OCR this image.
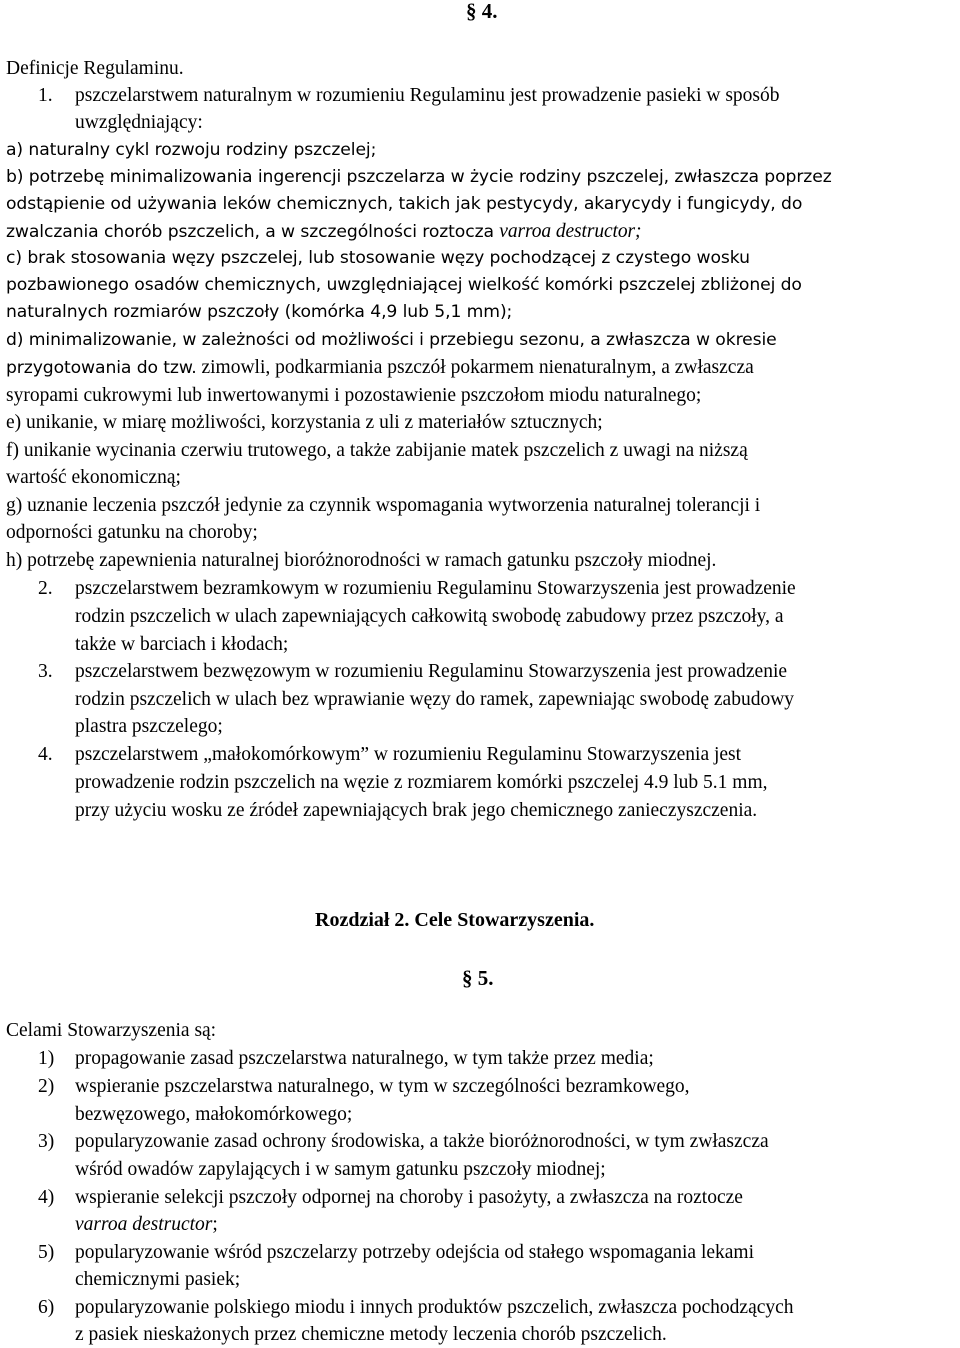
§ 4.
Definicje Regulaminu.
1. pszczelarstwem naturalnym w rozumieniu Regulaminu jest prowadzenie pasieki w sposób
uwzględniający:
a) naturalny cykl rozwoju rodziny pszczelej;
b) potrzebę minimalizowania ingerencji pszczelarza w życie rodziny pszczelej, zwłaszcza poprzez
odstąpienie od używania leków chemicznych, takich jak pestycydy, akarycydy i fungicydy, do
zwalczania chorób pszczelich, a w szczególności roztocza varroa destructor;
c) brak stosowania węzy pszczelej, lub stosowanie węzy pochodzącej z czystego wosku
pozbawionego osadów chemicznych, uwzględniającej wielkość komórki pszczelej zbliżonej do
naturalnych rozmiarów pszczoły (komórka 4,9 lub 5,1 mm);
d) minimalizowanie, w zależności od możliwości i przebiegu sezonu, a zwłaszcza w okresie
przygotowania do tzw. zimowli, podkarmiania pszczół pokarmem nienaturalnym, a zwłaszcza
syropami cukrowymi lub inwertowanymi i pozostawienie pszczołom miodu naturalnego;
e) unikanie, w miarę możliwości, korzystania z uli z materiałów sztucznych;
f) unikanie wycinania czerwiu trutowego, a także zabijanie matek pszczelich z uwagi na niższą
wartość ekonomiczną;
g) uznanie leczenia pszczół jedynie za czynnik wspomagania wytworzenia naturalnej tolerancji i
odporności gatunku na choroby;
h) potrzebę zapewnienia naturalnej bioróżnorodności w ramach gatunku pszczoły miodnej.
2. pszczelarstwem bezramkowym w rozumieniu Regulaminu Stowarzyszenia jest prowadzenie
rodzin pszczelich w ulach zapewniających całkowitą swobodę zabudowy przez pszczoły, a
także w barciach i kłodach;
3. pszczelarstwem bezwęzowym w rozumieniu Regulaminu Stowarzyszenia jest prowadzenie
rodzin pszczelich w ulach bez wprawianie węzy do ramek, zapewniając swobodę zabudowy
plastra pszczelego;
4. pszczelarstwem „małokomórkowym” w rozumieniu Regulaminu Stowarzyszenia jest
prowadzenie rodzin pszczelich na węzie z rozmiarem komórki pszczelej 4.9 lub 5.1 mm,
przy użyciu wosku ze źródeł zapewniających brak jego chemicznego zanieczyszczenia.
Rozdział 2. Cele Stowarzyszenia.
§ 5.
Celami Stowarzyszenia są:
1) propagowanie zasad pszczelarstwa naturalnego, w tym także przez media;
2) wspieranie pszczelarstwa naturalnego, w tym w szczególności bezramkowego,
bezwęzowego, małokomórkowego;
3) popularyzowanie zasad ochrony środowiska, a także bioróżnorodności, w tym zwłaszcza
wśród owadów zapylających i w samym gatunku pszczoły miodnej;
4) wspieranie selekcji pszczoły odpornej na choroby i pasożyty, a zwłaszcza na roztocze
varroa destructor;
5) popularyzowanie wśród pszczelarzy potrzeby odejścia od stałego wspomagania lekami
chemicznymi pasiek;
6) popularyzowanie polskiego miodu i innych produktów pszczelich, zwłaszcza pochodzących
z pasiek nieskażonych przez chemiczne metody leczenia chorób pszczelich.
